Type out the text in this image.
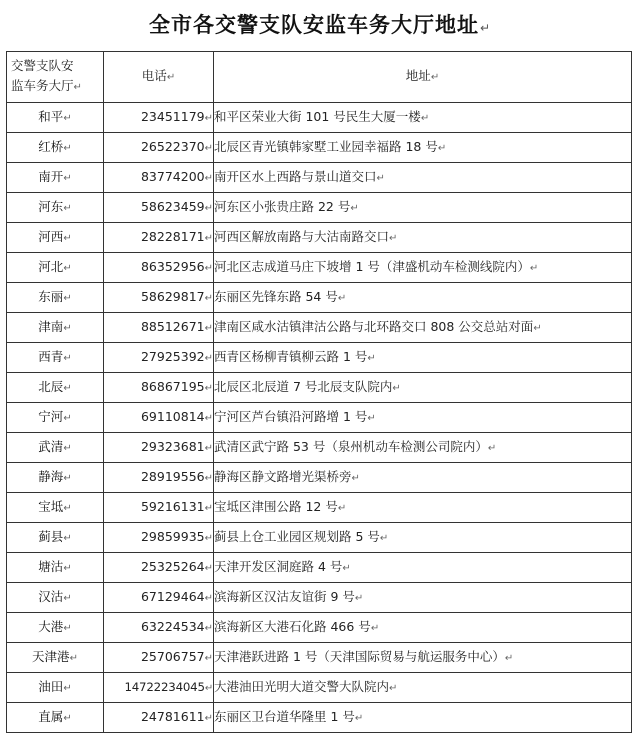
全市各交警支队安监车务大厅地址↵
交警支队安
监车务大厅↵	电话↵	地址↵
和平↵	23451179↵	和平区荣业大街 101 号民生大厦一楼↵
红桥↵	26522370↵	北辰区青光镇韩家墅工业园幸福路 18 号↵
南开↵	83774200↵	南开区水上西路与景山道交口↵
河东↵	58623459↵	河东区小张贵庄路 22 号↵
河西↵	28228171↵	河西区解放南路与大沽南路交口↵
河北↵	86352956↵	河北区志成道马庄下坡增 1 号（津盛机动车检测线院内）↵
东丽↵	58629817↵	东丽区先锋东路 54 号↵
津南↵	88512671↵	津南区咸水沽镇津沽公路与北环路交口 808 公交总站对面↵
西青↵	27925392↵	西青区杨柳青镇柳云路 1 号↵
北辰↵	86867195↵	北辰区北辰道 7 号北辰支队院内↵
宁河↵	69110814↵	宁河区芦台镇沿河路增 1 号↵
武清↵	29323681↵	武清区武宁路 53 号（泉州机动车检测公司院内）↵
静海↵	28919556↵	静海区静文路增光渠桥旁↵
宝坻↵	59216131↵	宝坻区津围公路 12 号↵
蓟县↵	29859935↵	蓟县上仓工业园区规划路 5 号↵
塘沽↵	25325264↵	天津开发区洞庭路 4 号↵
汉沽↵	67129464↵	滨海新区汉沽友谊街 9 号↵
大港↵	63224534↵	滨海新区大港石化路 466 号↵
天津港↵	25706757↵	天津港跃进路 1 号（天津国际贸易与航运服务中心）↵
油田↵	14722234045↵	大港油田光明大道交警大队院内↵
直属↵	24781611↵	东丽区卫台道华隆里 1 号↵
